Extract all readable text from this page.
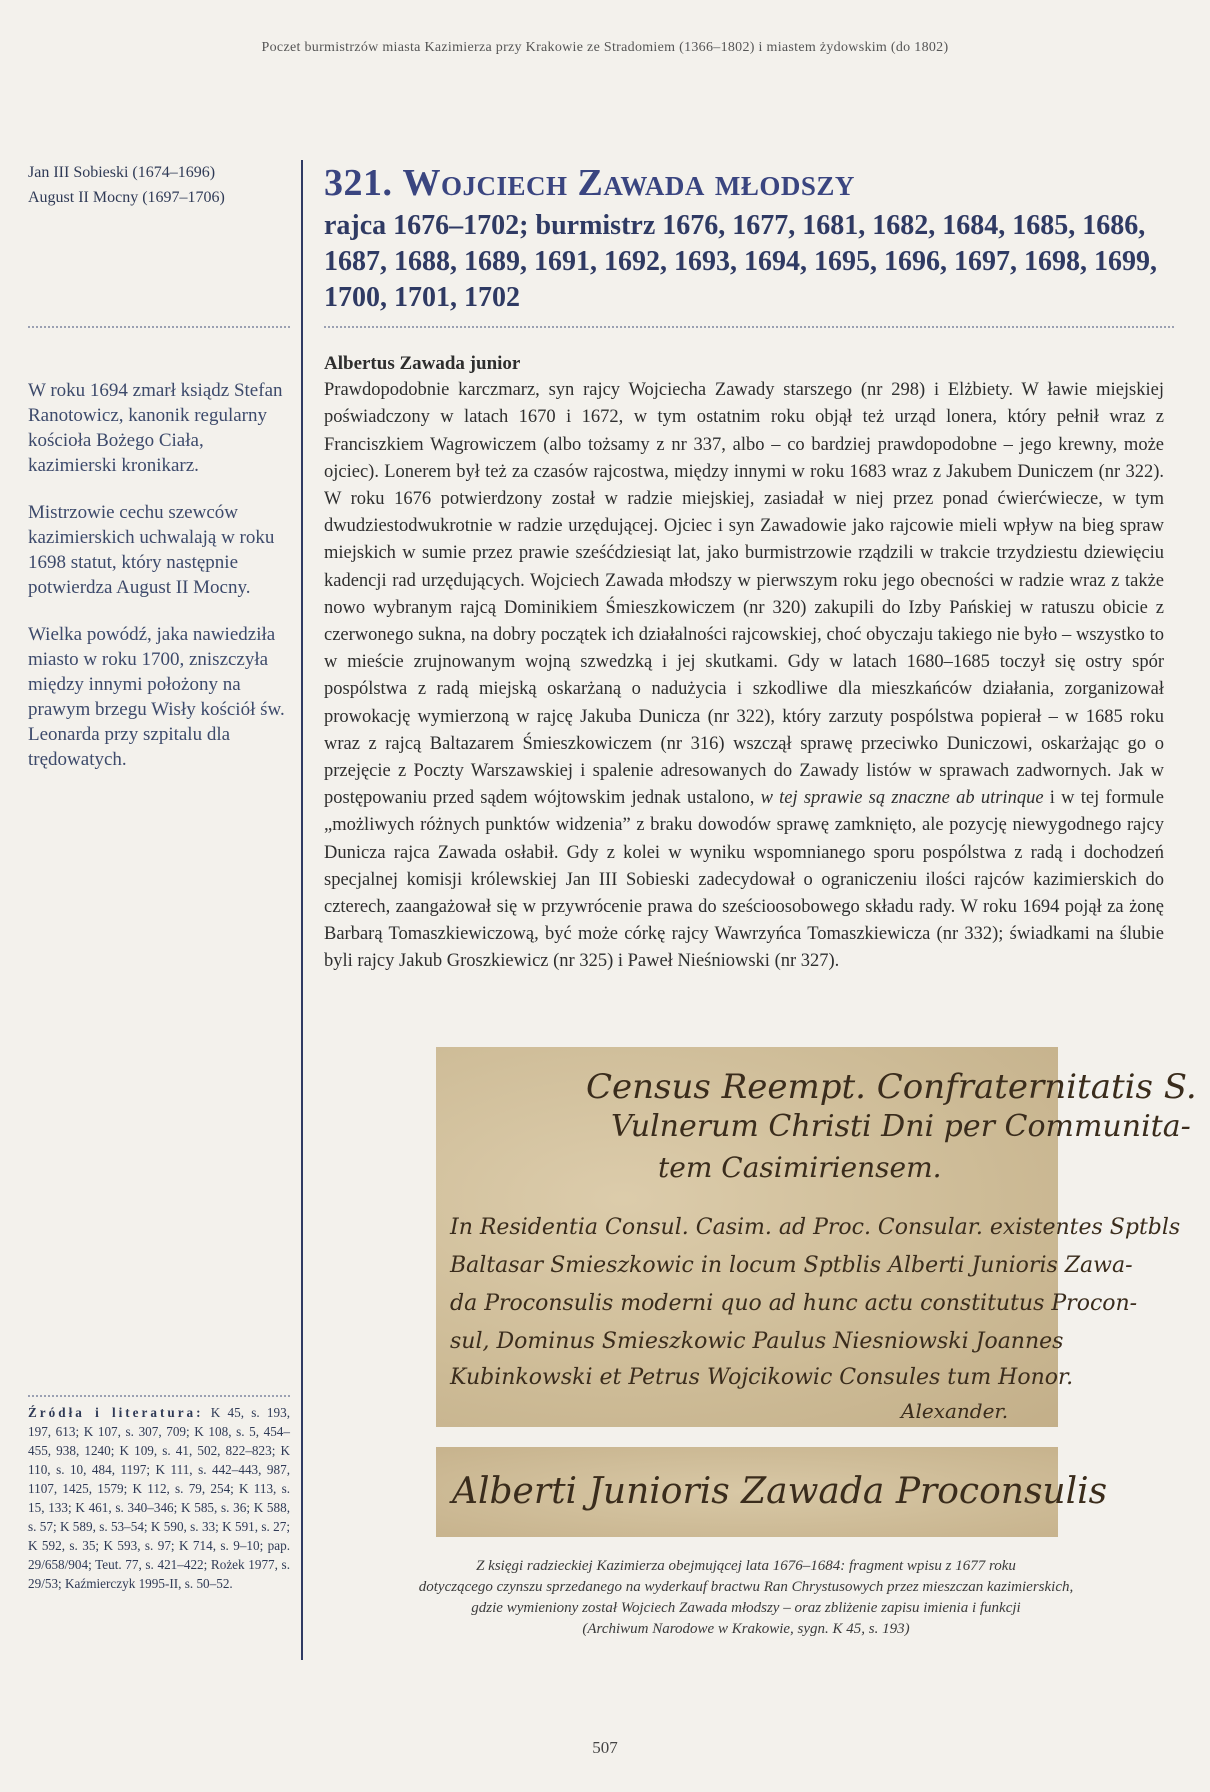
Poczet burmistrzów miasta Kazimierza przy Krakowie ze Stradomiem (1366–1802) i miastem żydowskim (do 1802)
Jan III Sobieski (1674–1696)
August II Mocny (1697–1706)

W roku 1694 zmarł ksiądz Stefan Ranotowicz, kanonik regularny kościoła Bożego Ciała, kazimierski kronikarz.

Mistrzowie cechu szewców kazimierskich uchwalają w roku 1698 statut, który następnie potwierdza August II Mocny.

Wielka powódź, jaka nawiedziła miasto w roku 1700, zniszczyła między innymi położony na prawym brzegu Wisły kościół św. Leonarda przy szpitalu dla trędowatych.

321. Wojciech Zawada młodszy
rajca 1676–1702; burmistrz 1676, 1677, 1681, 1682, 1684, 1685, 1686, 1687, 1688, 1689, 1691, 1692, 1693, 1694, 1695, 1696, 1697, 1698, 1699, 1700, 1701, 1702
Albertus Zawada junior

Prawdopodobnie karczmarz, syn rajcy Wojciecha Zawady starszego (nr 298) i Elżbiety. W ławie miejskiej poświadczony w latach 1670 i 1672, w tym ostatnim roku objął też urząd lonera, który pełnił wraz z Franciszkiem Wagrowiczem (albo tożsamy z nr 337, albo – co bardziej prawdopodobne – jego krewny, może ojciec). Lonerem był też za czasów rajcostwa, między innymi w roku 1683 wraz z Jakubem Duniczem (nr 322). W roku 1676 potwierdzony został w radzie miejskiej, zasiadał w niej przez ponad ćwierćwiecze, w tym dwudziestodwukrotnie w radzie urzędującej. Ojciec i syn Zawadowie jako rajcowie mieli wpływ na bieg spraw miejskich w sumie przez prawie sześćdziesiąt lat, jako burmistrzowie rządzili w trakcie trzydziestu dziewięciu kadencji rad urzędujących. Wojciech Zawada młodszy w pierwszym roku jego obecności w radzie wraz z także nowo wybranym rajcą Dominikiem Śmieszkowiczem (nr 320) zakupili do Izby Pańskiej w ratuszu obicie z czerwonego sukna, na dobry początek ich działalności rajcowskiej, choć obyczaju takiego nie było – wszystko to w mieście zrujnowanym wojną szwedzką i jej skutkami. Gdy w latach 1680–1685 toczył się ostry spór pospólstwa z radą miejską oskarżaną o nadużycia i szkodliwe dla mieszkańców działania, zorganizował prowokację wymierzoną w rajcę Jakuba Dunicza (nr 322), który zarzuty pospólstwa popierał – w 1685 roku wraz z rajcą Baltazarem Śmieszkowiczem (nr 316) wszczął sprawę przeciwko Duniczowi, oskarżając go o przejęcie z Poczty Warszawskiej i spalenie adresowanych do Zawady listów w sprawach zadwornych. Jak w postępowaniu przed sądem wójtowskim jednak ustalono, w tej sprawie są znaczne ab utrinque i w tej formule „możliwych różnych punktów widzenia” z braku dowodów sprawę zamknięto, ale pozycję niewygodnego rajcy Dunicza rajca Zawada osłabił. Gdy z kolei w wyniku wspomnianego sporu pospólstwa z radą i dochodzeń specjalnej komisji królewskiej Jan III Sobieski zadecydował o ograniczeniu ilości rajców kazimierskich do czterech, zaangażował się w przywrócenie prawa do sześcioosobowego składu rady. W roku 1694 pojął za żonę Barbarą Tomaszkiewiczową, być może córkę rajcy Wawrzyńca Tomaszkiewicza (nr 332); świadkami na ślubie byli rajcy Jakub Groszkiewicz (nr 325) i Paweł Nieśniowski (nr 327).

Census Reempt. Confraternitatis S.
Vulnerum Christi Dni per Communita-
tem Casimiriensem.
In Residentia Consul. Casim. ad Proc. Consular. existentes Sptbls
Baltasar Smieszkowic in locum Sptblis Alberti Junioris Zawa-
da Proconsulis moderni quo ad hunc actu constitutus Procon-
sul, Dominus Smieszkowic Paulus Niesniowski Joannes
Kubinkowski et Petrus Wojcikowic Consules tum Honor.
Alexander.
Alberti Junioris Zawada Proconsulis
Z księgi radzieckiej Kazimierza obejmującej lata 1676–1684: fragment wpisu z 1677 roku
dotyczącego czynszu sprzedanego na wyderkauf bractwu Ran Chrystusowych przez mieszczan kazimierskich,
gdzie wymieniony został Wojciech Zawada młodszy – oraz zbliżenie zapisu imienia i funkcji
(Archiwum Narodowe w Krakowie, sygn. K 45, s. 193)
Źródła i literatura: K 45, s. 193, 197, 613; K 107, s. 307, 709; K 108, s. 5, 454–455, 938, 1240; K 109, s. 41, 502, 822–823; K 110, s. 10, 484, 1197; K 111, s. 442–443, 987, 1107, 1425, 1579; K 112, s. 79, 254; K 113, s. 15, 133; K 461, s. 340–346; K 585, s. 36; K 588, s. 57; K 589, s. 53–54; K 590, s. 33; K 591, s. 27; K 592, s. 35; K 593, s. 97; K 714, s. 9–10; pap. 29/658/904; Teut. 77, s. 421–422; Rożek 1977, s. 29/53; Kaźmierczyk 1995-II, s. 50–52.
507
